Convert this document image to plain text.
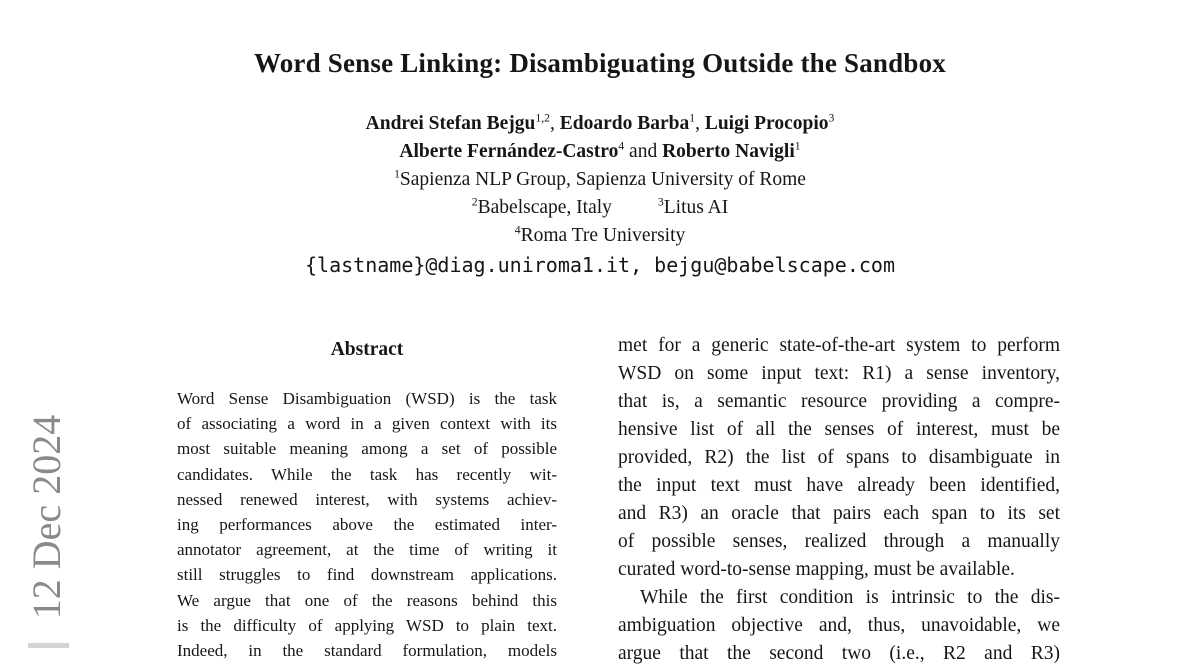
12 Dec 2024
Word Sense Linking: Disambiguating Outside the Sandbox
Andrei Stefan Bejgu$^{1,2}$, Edoardo Barba$^1$, Luigi Procopio$^3$
Alberte Fernández-Castro$^4$ and Roberto Navigli$^1$
$^1$Sapienza NLP Group, Sapienza University of Rome
$^2$Babelscape, Italy	$^3$Litus AI
$^4$Roma Tre University
{lastname}@diag.uniroma1.it, bejgu@babelscape.com
Abstract
Word Sense Disambiguation (WSD) is the task
of associating a word in a given context with its
most suitable meaning among a set of possible
candidates. While the task has recently wit-
nessed renewed interest, with systems achiev-
ing performances above the estimated inter-
annotator agreement, at the time of writing it
still struggles to find downstream applications.
We argue that one of the reasons behind this
is the difficulty of applying WSD to plain text.
Indeed, in the standard formulation, models
met for a generic state-of-the-art system to perform
WSD on some input text: R1) a sense inventory,
that is, a semantic resource providing a compre-
hensive list of all the senses of interest, must be
provided, R2) the list of spans to disambiguate in
the input text must have already been identified,
and R3) an oracle that pairs each span to its set
of possible senses, realized through a manually
curated word-to-sense mapping, must be available.
While the first condition is intrinsic to the dis-
ambiguation objective and, thus, unavoidable, we
argue that the second two (i.e., R2 and R3)
